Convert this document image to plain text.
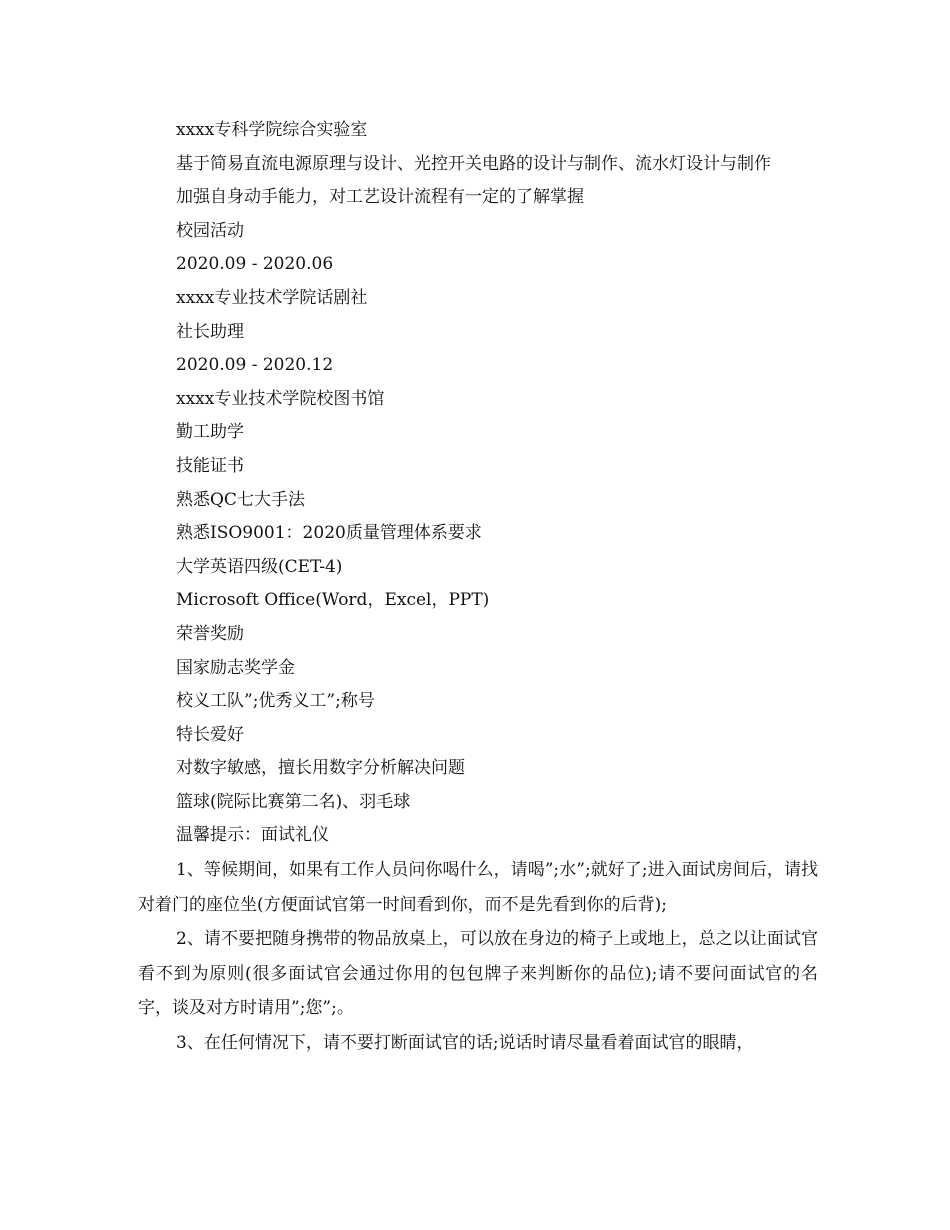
xxxx专科学院综合实验室
基于简易直流电源原理与设计、光控开关电路的设计与制作、流水灯设计与制作
加强自身动手能力，对工艺设计流程有一定的了解掌握
校园活动
2020.09 - 2020.06
xxxx专业技术学院话剧社
社长助理
2020.09 - 2020.12
xxxx专业技术学院校图书馆
勤工助学
技能证书
熟悉QC七大手法
熟悉ISO9001：2020质量管理体系要求
大学英语四级(CET-4)
Microsoft Office(Word，Excel，PPT)
荣誉奖励
国家励志奖学金
校义工队”;优秀义工”;称号
特长爱好
对数字敏感，擅长用数字分析解决问题
篮球(院际比赛第二名)、羽毛球
温馨提示：面试礼仪

1、等候期间，如果有工作人员问你喝什么，请喝”;水”;就好了;进入面试房间后，请找对着门的座位坐(方便面试官第一时间看到你，而不是先看到你的后背);

2、请不要把随身携带的物品放桌上，可以放在身边的椅子上或地上，总之以让面试官看不到为原则(很多面试官会通过你用的包包牌子来判断你的品位);请不要问面试官的名字，谈及对方时请用”;您”;。

3、在任何情况下，请不要打断面试官的话;说话时请尽量看着面试官的眼睛，
